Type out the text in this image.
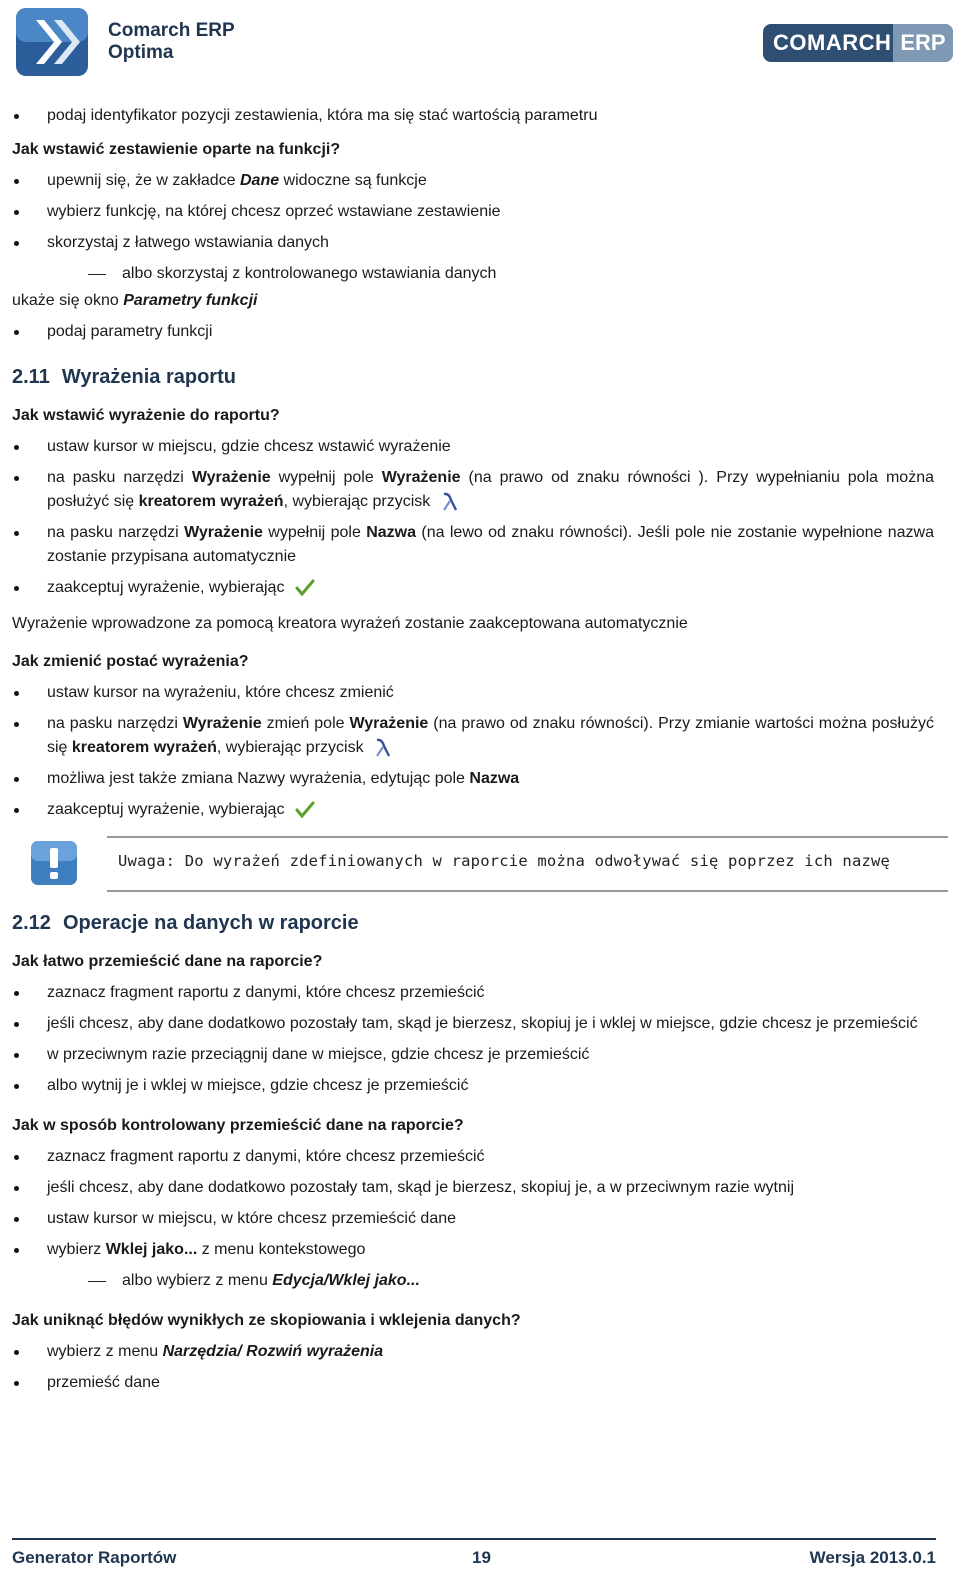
Comarch ERP
Optima	COMARCH ERP
podaj identyfikator pozycji zestawienia, która ma się stać wartością parametru
Jak wstawić zestawienie oparte na funkcji?
upewnij się, że w zakładce Dane widoczne są funkcje
wybierz funkcję, na której chcesz oprzeć wstawiane zestawienie
skorzystaj z łatwego wstawiania danych
albo skorzystaj z kontrolowanego wstawiania danych
ukaże się okno Parametry funkcji
podaj parametry funkcji
2.11 Wyrażenia raportu
Jak wstawić wyrażenie do raportu?
ustaw kursor w miejscu, gdzie chcesz wstawić wyrażenie
na pasku narzędzi Wyrażenie wypełnij pole Wyrażenie (na prawo od znaku równości ). Przy wypełnianiu pola można posłużyć się kreatorem wyrażeń, wybierając przycisk
na pasku narzędzi Wyrażenie wypełnij pole Nazwa (na lewo od znaku równości). Jeśli pole nie zostanie wypełnione nazwa zostanie przypisana automatycznie
zaakceptuj wyrażenie, wybierając
Wyrażenie wprowadzone za pomocą kreatora wyrażeń zostanie zaakceptowana automatycznie
Jak zmienić postać wyrażenia?
ustaw kursor na wyrażeniu, które chcesz zmienić
na pasku narzędzi Wyrażenie zmień pole Wyrażenie (na prawo od znaku równości). Przy zmianie wartości można posłużyć się kreatorem wyrażeń, wybierając przycisk
możliwa jest także zmiana Nazwy wyrażenia, edytując pole Nazwa
zaakceptuj wyrażenie, wybierając
Uwaga: Do wyrażeń zdefiniowanych w raporcie można odwoływać się poprzez ich nazwę
2.12 Operacje na danych w raporcie
Jak łatwo przemieścić dane na raporcie?
zaznacz fragment raportu z danymi, które chcesz przemieścić
jeśli chcesz, aby dane dodatkowo pozostały tam, skąd je bierzesz, skopiuj je i wklej w miejsce, gdzie chcesz je przemieścić
w przeciwnym razie przeciągnij dane w miejsce, gdzie chcesz je przemieścić
albo wytnij je i wklej w miejsce, gdzie chcesz je przemieścić
Jak w sposób kontrolowany przemieścić dane na raporcie?
zaznacz fragment raportu z danymi, które chcesz przemieścić
jeśli chcesz, aby dane dodatkowo pozostały tam, skąd je bierzesz, skopiuj je, a w przeciwnym razie wytnij
ustaw kursor w miejscu, w które chcesz przemieścić dane
wybierz Wklej jako... z menu kontekstowego
albo wybierz z menu Edycja/Wklej jako...
Jak uniknąć błędów wynikłych ze skopiowania i wklejenia danych?
wybierz z menu Narzędzia/ Rozwiń wyrażenia
przemieść dane
Generator Raportów	19	Wersja 2013.0.1
